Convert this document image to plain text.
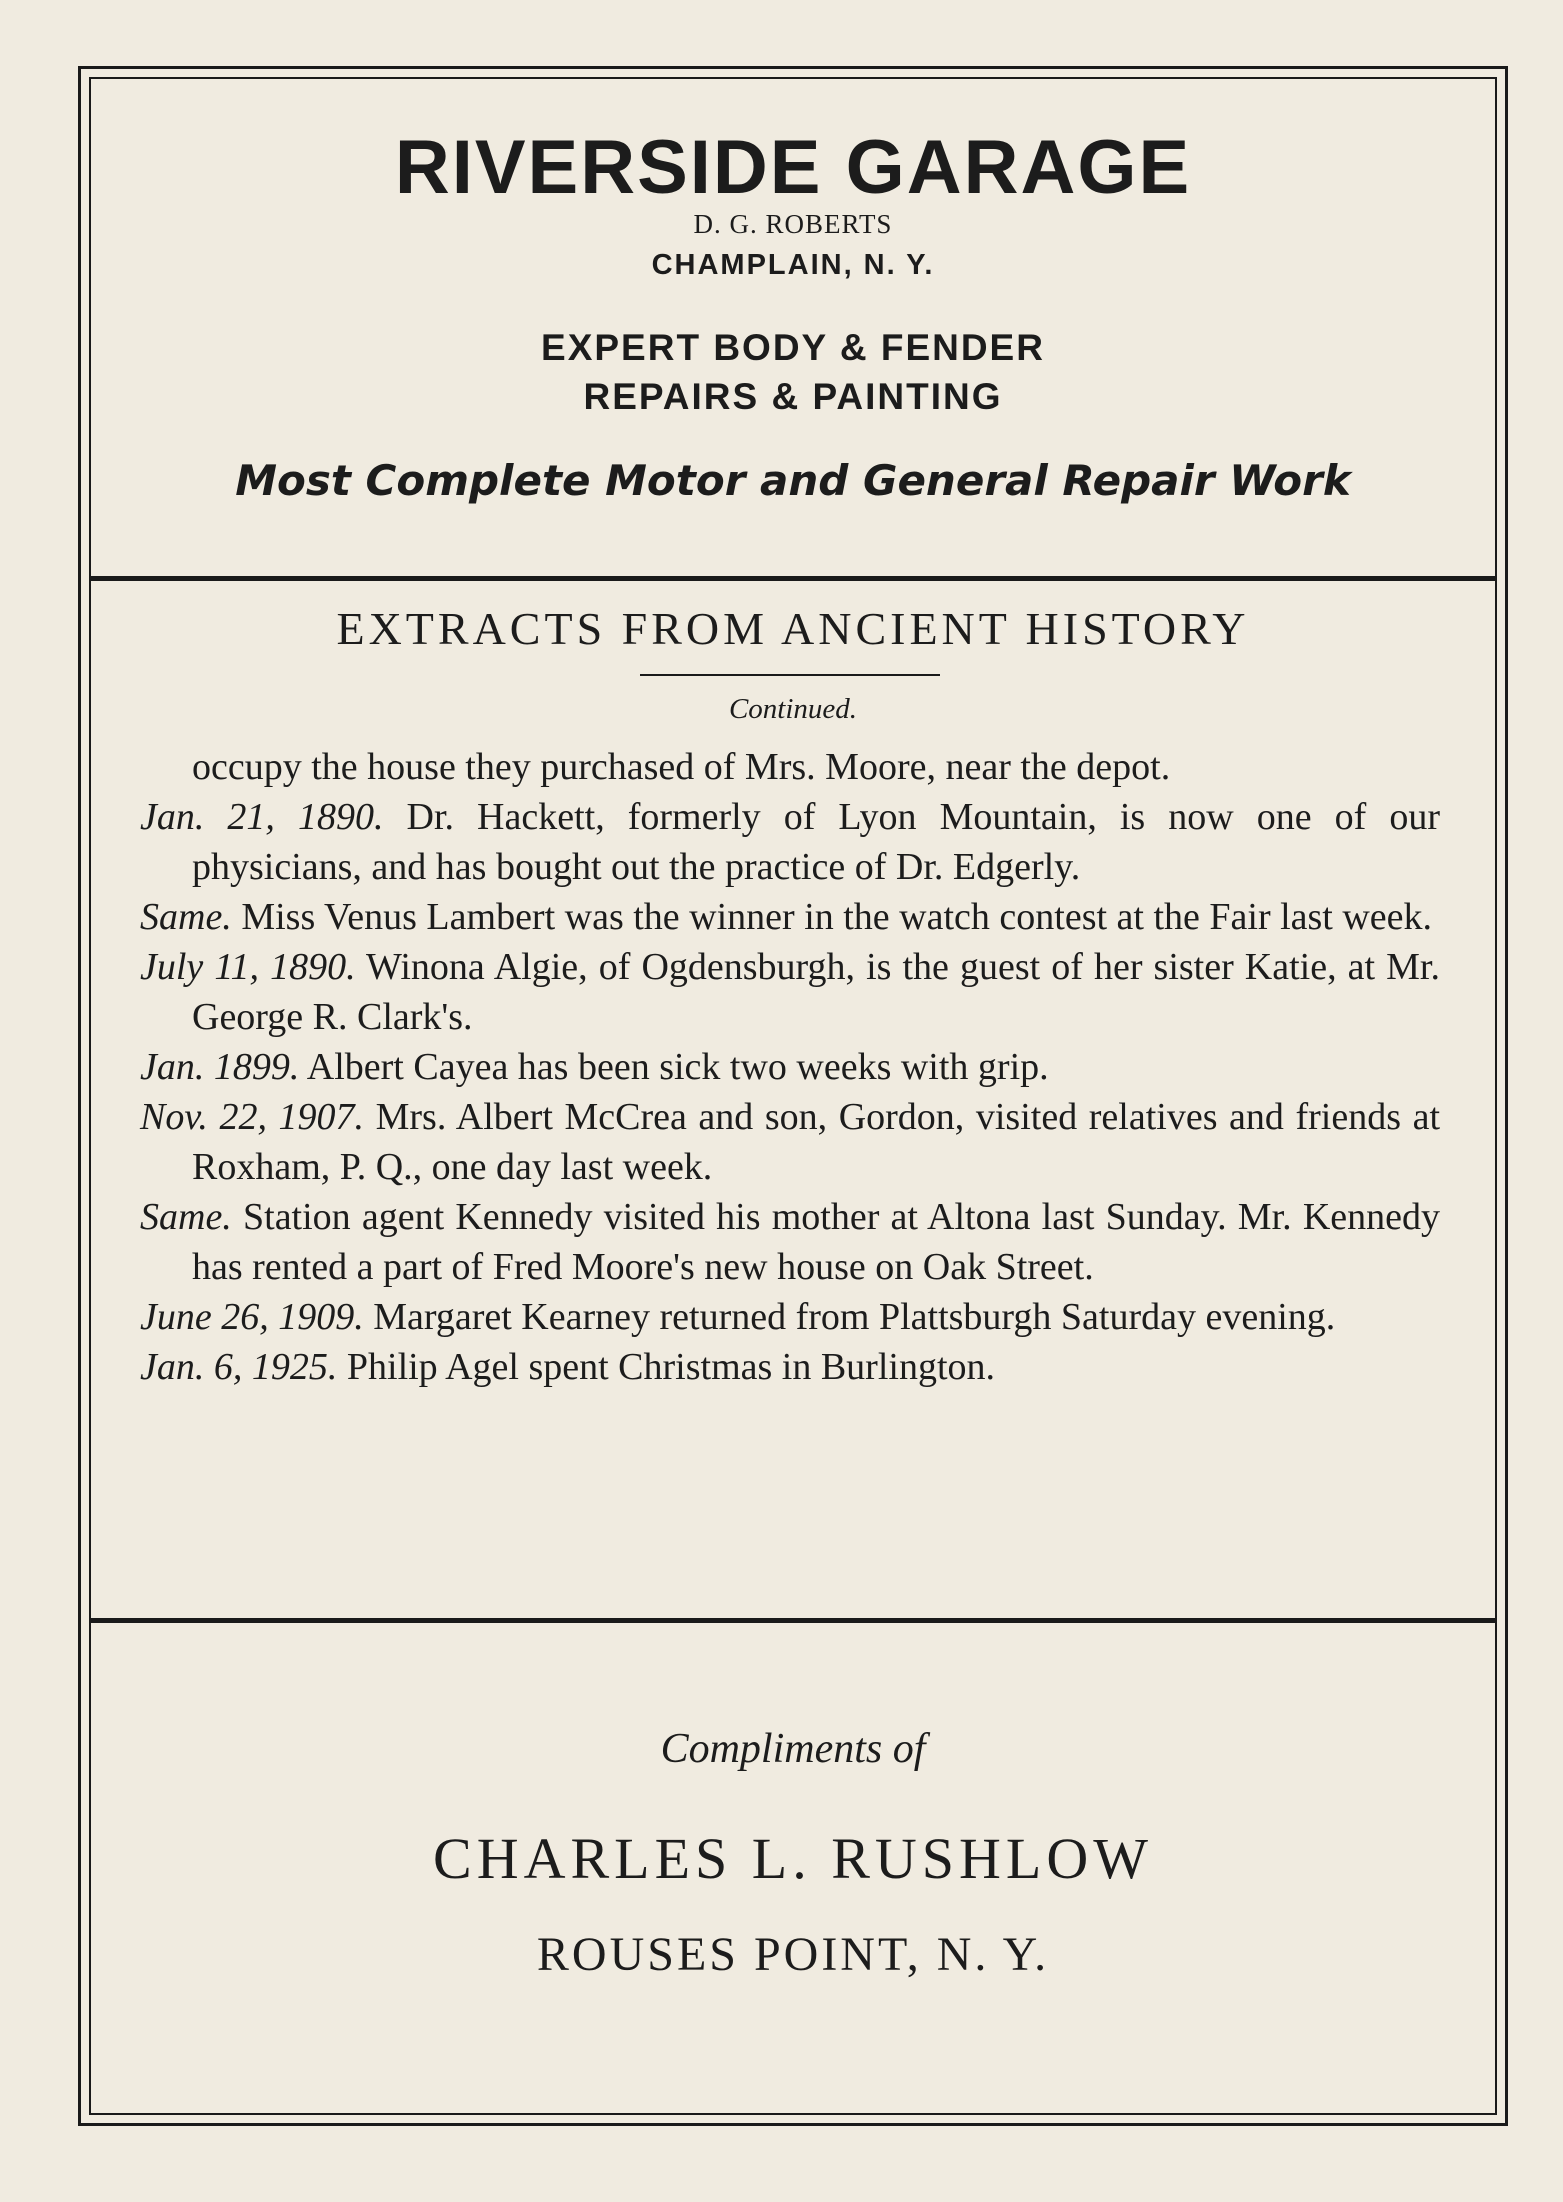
RIVERSIDE GARAGE
D. G. ROBERTS
CHAMPLAIN, N. Y.
EXPERT BODY & FENDER
REPAIRS & PAINTING
Most Complete Motor and General Repair Work
EXTRACTS FROM ANCIENT HISTORY
Continued.

occupy the house they purchased of Mrs. Moore, near the depot.

Jan. 21, 1890. Dr. Hackett, formerly of Lyon Mountain, is now one of our physicians, and has bought out the practice of Dr. Edgerly.

Same. Miss Venus Lambert was the winner in the watch contest at the Fair last week.

July 11, 1890. Winona Algie, of Ogdensburgh, is the guest of her sister Katie, at Mr. George R. Clark's.

Jan. 1899. Albert Cayea has been sick two weeks with grip.

Nov. 22, 1907. Mrs. Albert McCrea and son, Gordon, visited relatives and friends at Roxham, P. Q., one day last week.

Same. Station agent Kennedy visited his mother at Altona last Sunday. Mr. Kennedy has rented a part of Fred Moore's new house on Oak Street.

June 26, 1909. Margaret Kearney returned from Plattsburgh Saturday evening.

Jan. 6, 1925. Philip Agel spent Christmas in Burlington.

Compliments of
CHARLES L. RUSHLOW
ROUSES POINT, N. Y.
